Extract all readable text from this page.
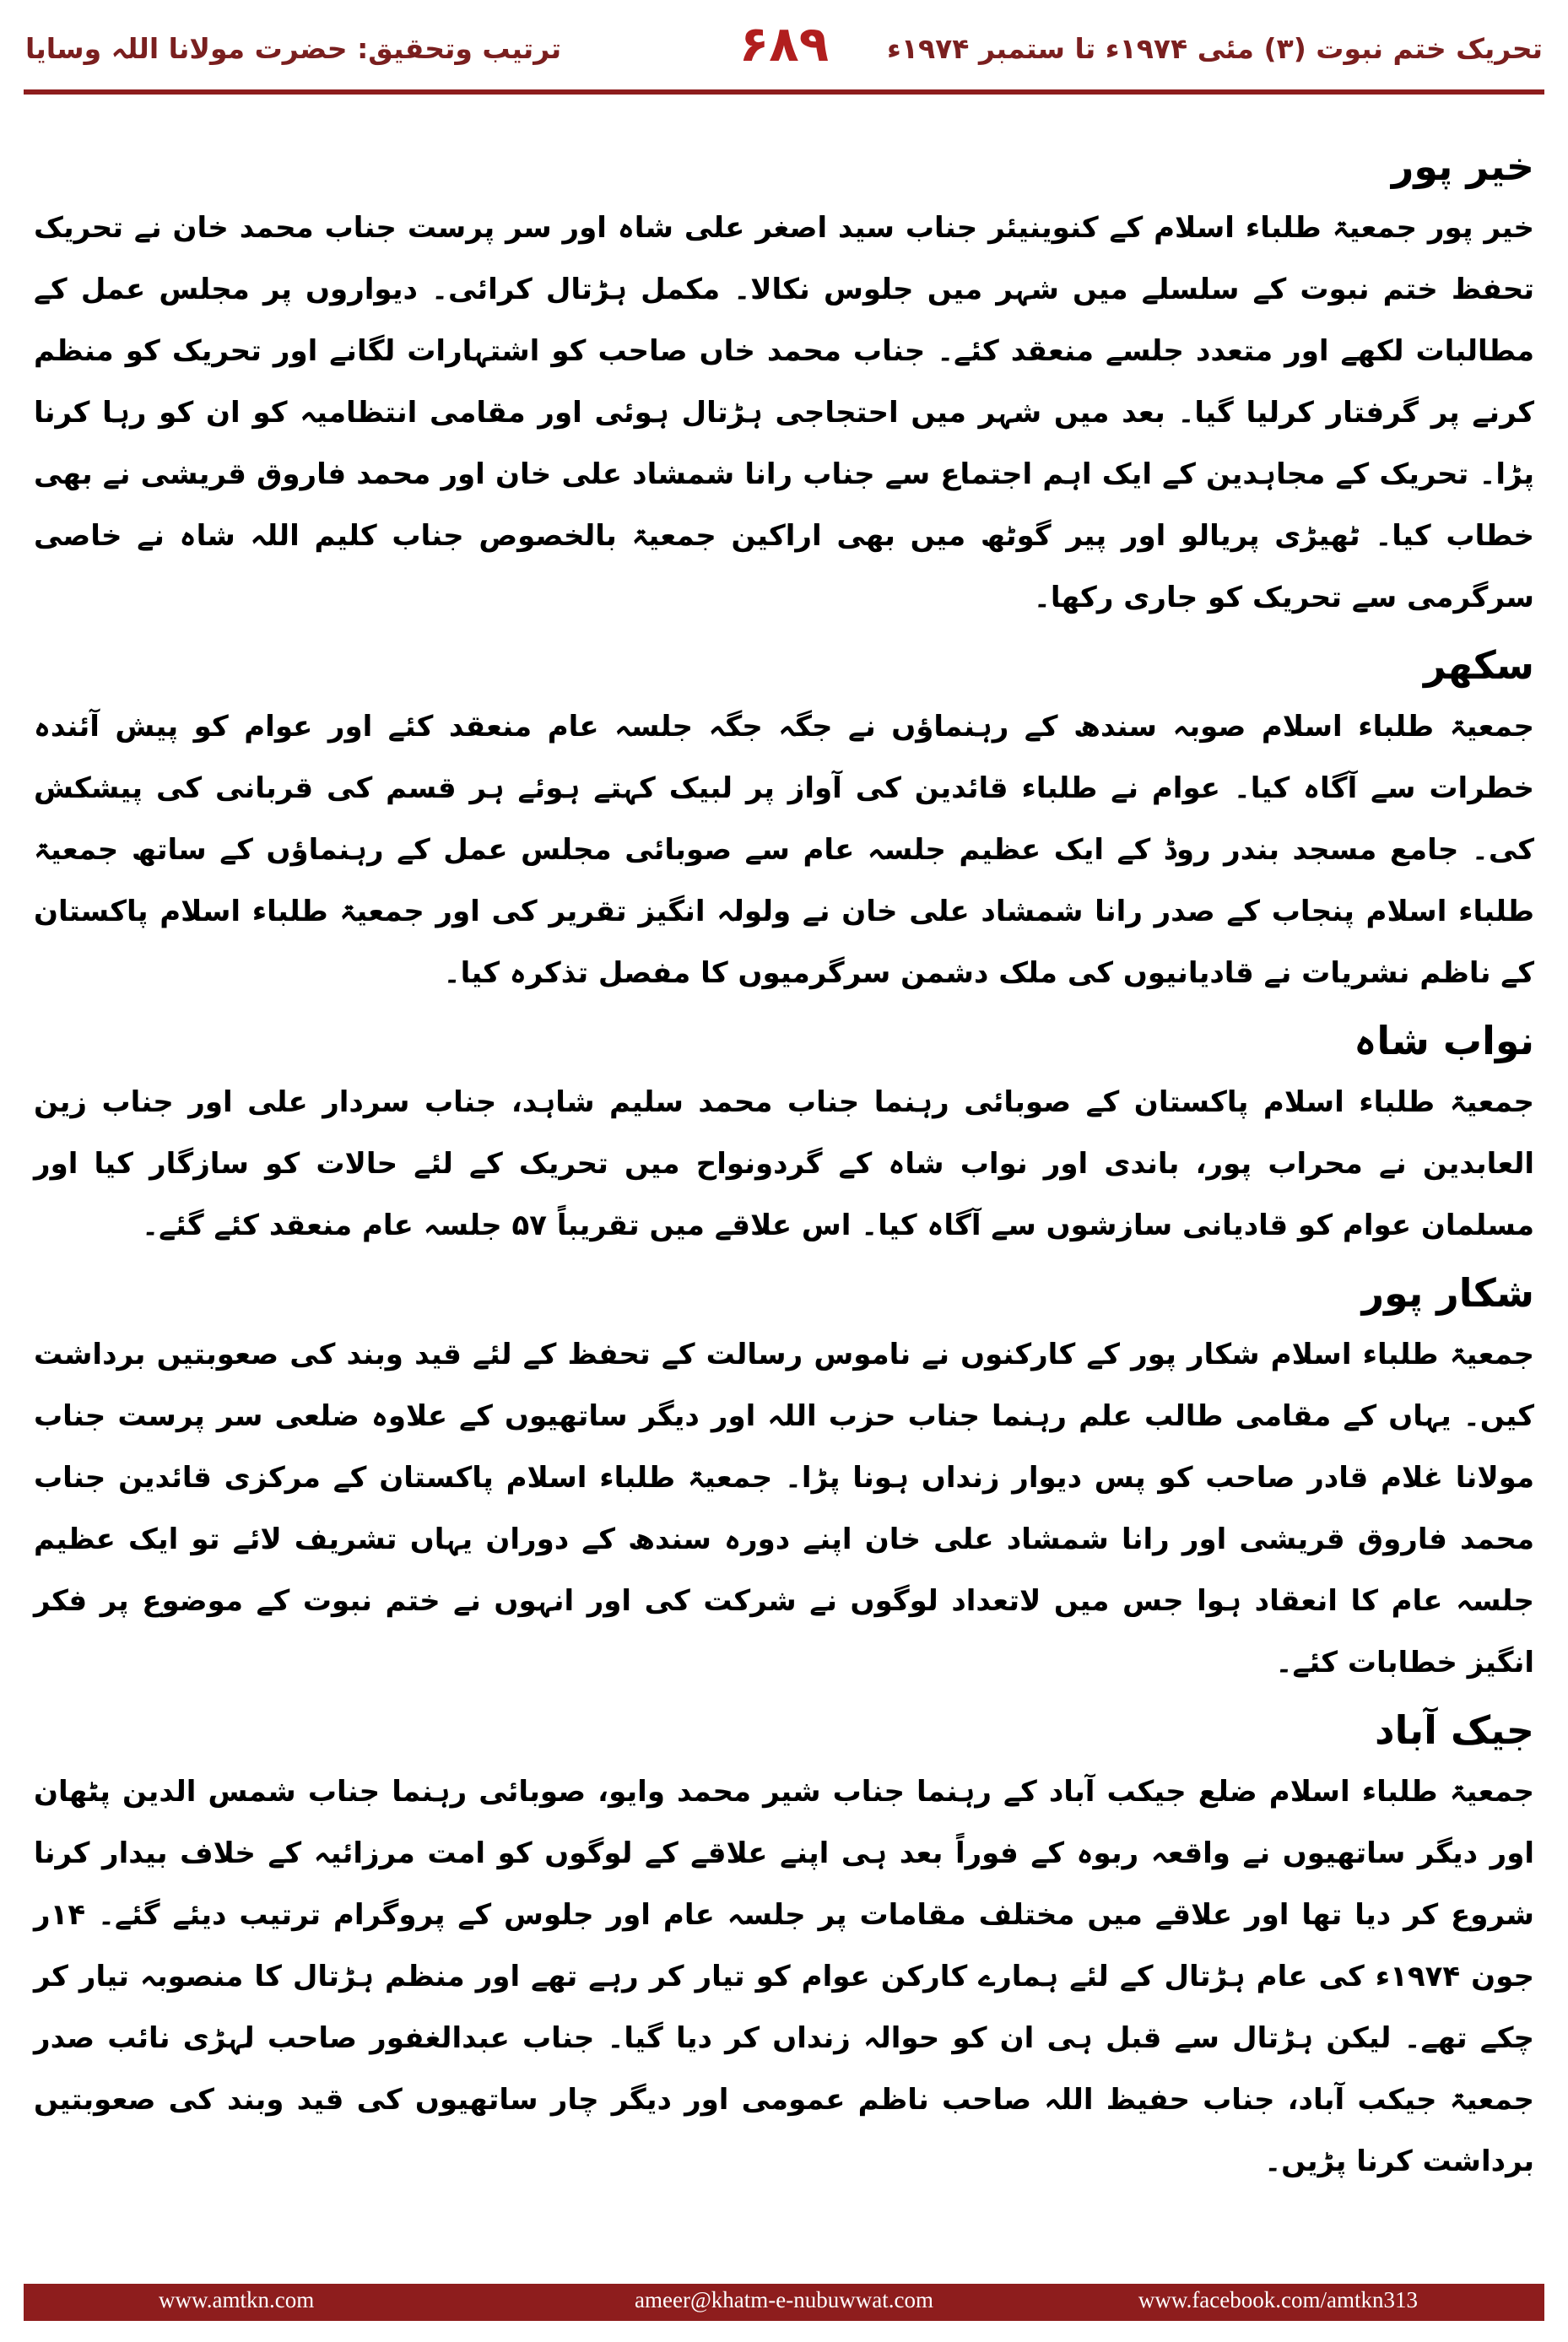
تحریک ختم نبوت (۳) مئی ۱۹۷۴ء تا ستمبر ۱۹۷۴ء
۶۸۹
ترتیب وتحقیق: حضرت مولانا اللہ وسایا
خیر پور

خیر پور جمعیۃ طلباء اسلام کے کنوینیئر جناب سید اصغر علی شاہ اور سر پرست جناب محمد خان نے تحریک تحفظ ختم نبوت کے سلسلے میں شہر میں جلوس نکالا۔ مکمل ہڑتال کرائی۔ دیواروں پر مجلس عمل کے مطالبات لکھے اور متعدد جلسے منعقد کئے۔ جناب محمد خاں صاحب کو اشتہارات لگانے اور تحریک کو منظم کرنے پر گرفتار کرلیا گیا۔ بعد میں شہر میں احتجاجی ہڑتال ہوئی اور مقامی انتظامیہ کو ان کو رہا کرنا پڑا۔ تحریک کے مجاہدین کے ایک اہم اجتماع سے جناب رانا شمشاد علی خان اور محمد فاروق قریشی نے بھی خطاب کیا۔ ٹھیڑی پریالو اور پیر گوٹھ میں بھی اراکین جمعیۃ بالخصوص جناب کلیم اللہ شاہ نے خاصی سرگرمی سے تحریک کو جاری رکھا۔

سکھر

جمعیۃ طلباء اسلام صوبہ سندھ کے رہنماؤں نے جگہ جگہ جلسہ عام منعقد کئے اور عوام کو پیش آئندہ خطرات سے آگاہ کیا۔ عوام نے طلباء قائدین کی آواز پر لبیک کہتے ہوئے ہر قسم کی قربانی کی پیشکش کی۔ جامع مسجد بندر روڈ کے ایک عظیم جلسہ عام سے صوبائی مجلس عمل کے رہنماؤں کے ساتھ جمعیۃ طلباء اسلام پنجاب کے صدر رانا شمشاد علی خان نے ولولہ انگیز تقریر کی اور جمعیۃ طلباء اسلام پاکستان کے ناظم نشریات نے قادیانیوں کی ملک دشمن سرگرمیوں کا مفصل تذکرہ کیا۔

نواب شاہ

جمعیۃ طلباء اسلام پاکستان کے صوبائی رہنما جناب محمد سلیم شاہد، جناب سردار علی اور جناب زین العابدین نے محراب پور، باندی اور نواب شاہ کے گردونواح میں تحریک کے لئے حالات کو سازگار کیا اور مسلمان عوام کو قادیانی سازشوں سے آگاہ کیا۔ اس علاقے میں تقریباً ۵۷ جلسہ عام منعقد کئے گئے۔

شکار پور

جمعیۃ طلباء اسلام شکار پور کے کارکنوں نے ناموس رسالت کے تحفظ کے لئے قید وبند کی صعوبتیں برداشت کیں۔ یہاں کے مقامی طالب علم رہنما جناب حزب اللہ اور دیگر ساتھیوں کے علاوہ ضلعی سر پرست جناب مولانا غلام قادر صاحب کو پس دیوار زنداں ہونا پڑا۔ جمعیۃ طلباء اسلام پاکستان کے مرکزی قائدین جناب محمد فاروق قریشی اور رانا شمشاد علی خان اپنے دورہ سندھ کے دوران یہاں تشریف لائے تو ایک عظیم جلسہ عام کا انعقاد ہوا جس میں لاتعداد لوگوں نے شرکت کی اور انہوں نے ختم نبوت کے موضوع پر فکر انگیز خطابات کئے۔

جیک آباد

جمعیۃ طلباء اسلام ضلع جیکب آباد کے رہنما جناب شیر محمد وایو، صوبائی رہنما جناب شمس الدین پٹھان اور دیگر ساتھیوں نے واقعہ ربوہ کے فوراً بعد ہی اپنے علاقے کے لوگوں کو امت مرزائیہ کے خلاف بیدار کرنا شروع کر دیا تھا اور علاقے میں مختلف مقامات پر جلسہ عام اور جلوس کے پروگرام ترتیب دیئے گئے۔ ۱۴ر جون ۱۹۷۴ء کی عام ہڑتال کے لئے ہمارے کارکن عوام کو تیار کر رہے تھے اور منظم ہڑتال کا منصوبہ تیار کر چکے تھے۔ لیکن ہڑتال سے قبل ہی ان کو حوالہ زنداں کر دیا گیا۔ جناب عبدالغفور صاحب لہڑی نائب صدر جمعیۃ جیکب آباد، جناب حفیظ اللہ صاحب ناظم عمومی اور دیگر چار ساتھیوں کی قید وبند کی صعوبتیں برداشت کرنا پڑیں۔

www.amtkn.com	ameer@khatm-e-nubuwwat.com	www.facebook.com/amtkn313
